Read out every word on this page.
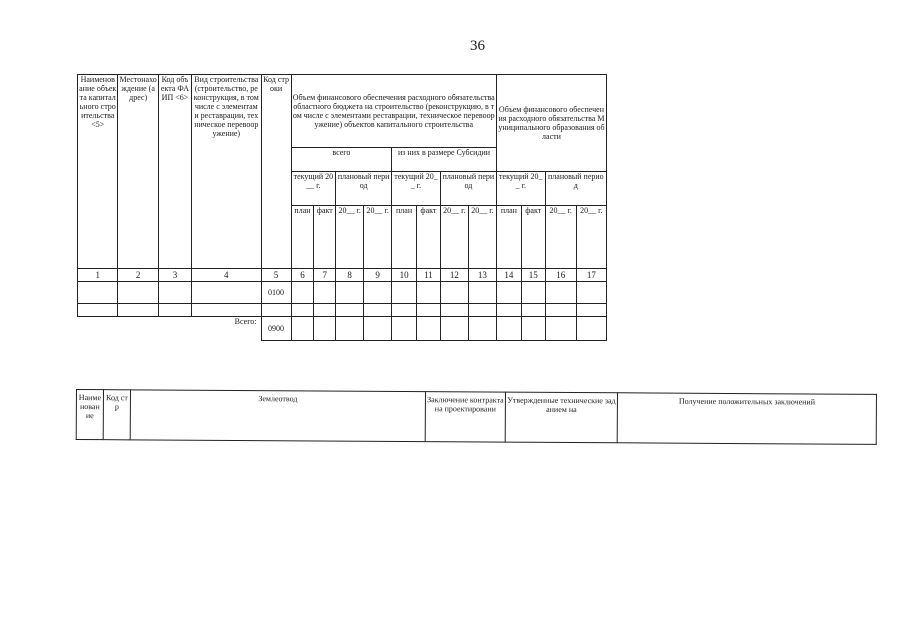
36
Наименование объекта капитального строительства <5>	Местонахождение (адрес)	Код объекта ФАИП <6>	Вид строительства (строительство, реконструкция, в том числе с элементами реставрации, техническое перевооружение)	Код строки	Объем финансового обеспечения расходного обязательства областного бюджета на строительство (реконструкцию, в том числе с элементами реставрации, техническое перевооружение) объектов капитального строительства								Объем финансового обеспечения расходного обязательства Муниципального образования области			
					всего				из них в размере Субсидии							
					текущий 20__ г.		плановый период		текущий 20__ г.		плановый период		текущий 20__ г.		плановый период	
					план	факт	20__ г.	20__ г.	план	факт	20__ г.	20__ г.	план	факт	20__ г.	20__ г.
1	2	3	4	5	6	7	8	9	10	11	12	13	14	15	16	17
				0100												

			Всего:	0900												
Наименование	Код стр	Землеотвод	Заключение контракта на проектировани	Утвержденные технические заданием на	Получение положительных заключений
